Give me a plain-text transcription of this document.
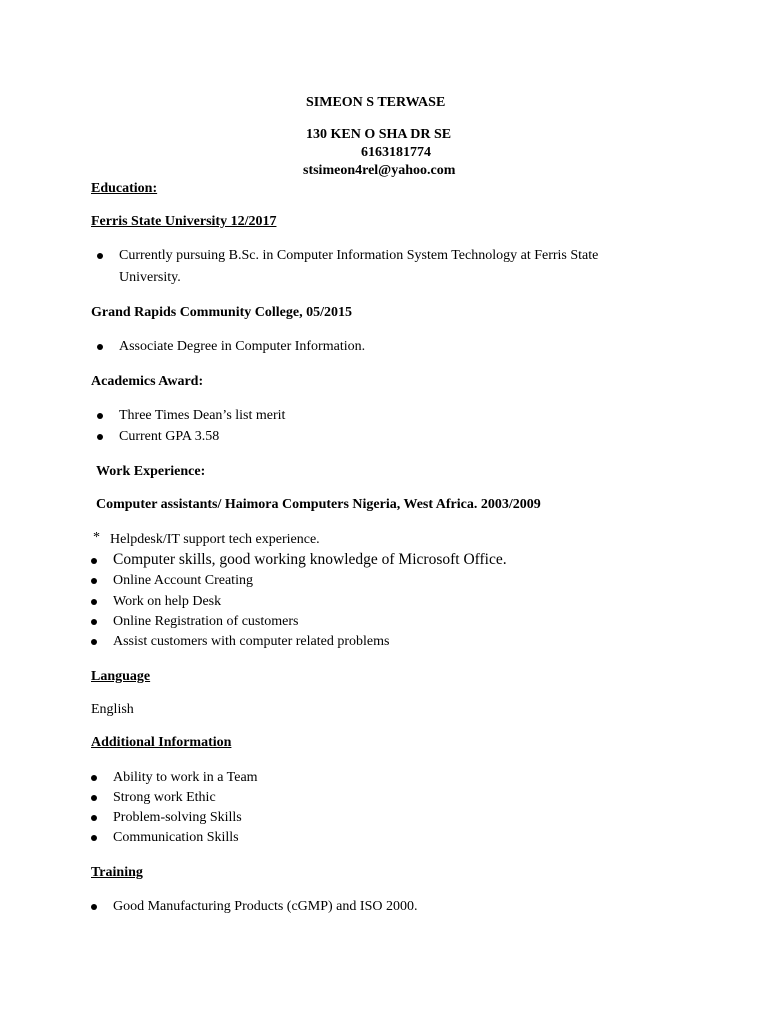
SIMEON S TERWASE
130 KEN O SHA DR SE
6163181774
stsimeon4rel@yahoo.com
Education:
Ferris State University 12/2017
Currently pursuing B.Sc. in Computer Information System Technology at Ferris State
University.
Grand Rapids Community College, 05/2015
Associate Degree in Computer Information.
Academics Award:
Three Times Dean’s list merit
Current GPA 3.58
Work Experience:
Computer assistants/ Haimora Computers Nigeria, West Africa. 2003/2009
* Helpdesk/IT support tech experience.
Computer skills, good working knowledge of Microsoft Office.
Online Account Creating
Work on help Desk
Online Registration of customers
Assist customers with computer related problems
Language
English
Additional Information
Ability to work in a Team
Strong work Ethic
Problem-solving Skills
Communication Skills
Training
Good Manufacturing Products (cGMP) and ISO 2000.
